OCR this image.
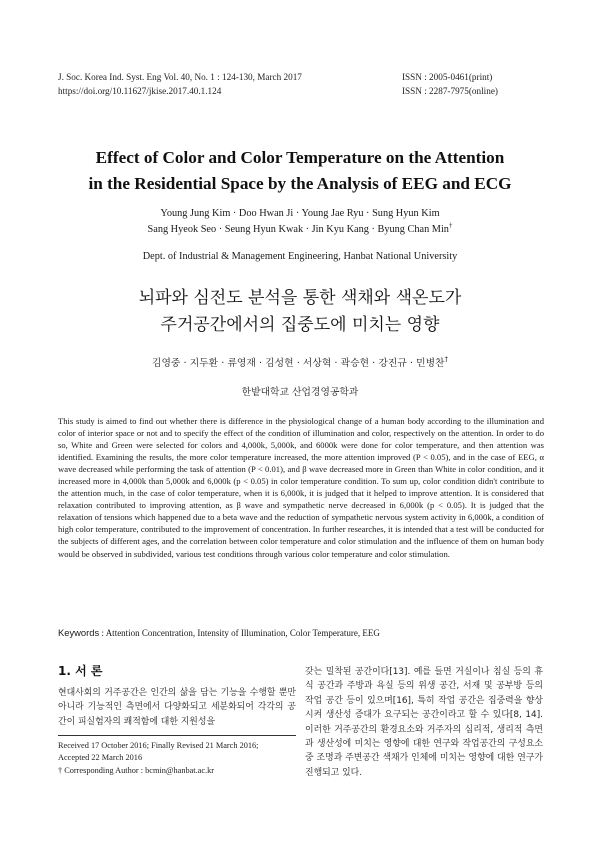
J. Soc. Korea Ind. Syst. Eng Vol. 40, No. 1 : 124-130, March 2017
https://doi.org/10.11627/jkise.2017.40.1.124
ISSN : 2005-0461(print)
ISSN : 2287-7975(online)
Effect of Color and Color Temperature on the Attention
in the Residential Space by the Analysis of EEG and ECG
Young Jung Kim · Doo Hwan Ji · Young Jae Ryu · Sung Hyun Kim
Sang Hyeok Seo · Seung Hyun Kwak · Jin Kyu Kang · Byung Chan Min†
Dept. of Industrial & Management Engineering, Hanbat National University
뇌파와 심전도 분석을 통한 색채와 색온도가
주거공간에서의 집중도에 미치는 영향
김영중 · 지두환 · 류영재 · 김성현 · 서상혁 · 곽승현 · 강진규 · 민병찬†
한밭대학교 산업경영공학과
This study is aimed to find out whether there is difference in the physiological change of a human body according to the illumination and color of interior space or not and to specify the effect of the condition of illumination and color, respectively on the attention. In order to do so, White and Green were selected for colors and 4,000k, 5,000k, and 6000k were done for color temperature, and then attention was identified. Examining the results, the more color temperature increased, the more attention improved (P < 0.05), and in the case of EEG, α wave decreased while performing the task of attention (P < 0.01), and β wave decreased more in Green than White in color condition, and it increased more in 4,000k than 5,000k and 6,000k (p < 0.05) in color temperature condition. To sum up, color condition didn't contribute to the attention much, in the case of color temperature, when it is 6,000k, it is judged that it helped to improve attention. It is considered that relaxation contributed to improving attention, as β wave and sympathetic nerve decreased in 6,000k (p < 0.05). It is judged that the relaxation of tensions which happened due to a beta wave and the reduction of sympathetic nervous system activity in 6,000k, a condition of high color temperature, contributed to the improvement of concentration. In further researches, it is intended that a test will be conducted for the subjects of different ages, and the correlation between color temperature and color stimulation and the influence of them on human body would be observed in subdivided, various test conditions through various color temperature and color stimulation.
Keywords : Attention Concentration, Intensity of Illumination, Color Temperature, EEG
1. 서 론
현대사회의 거주공간은 인간의 삶을 담는 기능을 수행할 뿐만 아니라 기능적인 측면에서 다양화되고 세분화되어 각각의 공간이 피실험자의 쾌적함에 대한 지원성을
갖는 밀착된 공간이다[13]. 예를 들면 거실이나 침실 등의 휴식 공간과 주방과 욕실 등의 위생 공간, 서재 및 공부방 등의 작업 공간 등이 있으며[16], 특히 작업 공간은 집중력을 향상시켜 생산성 증대가 요구되는 공간이라고 할 수 있다[8, 14]. 이러한 거주공간의 환경요소와 거주자의 심리적, 생리적 측면과 생산성에 미치는 영향에 대한 연구와 작업공간의 구성요소 중 조명과 주변공간 색채가 인체에 미치는 영향에 대한 연구가 진행되고 있다.
Received 17 October 2016; Finally Revised 21 March 2016;
Accepted 22 March 2016
† Corresponding Author : bcmin@hanbat.ac.kr
